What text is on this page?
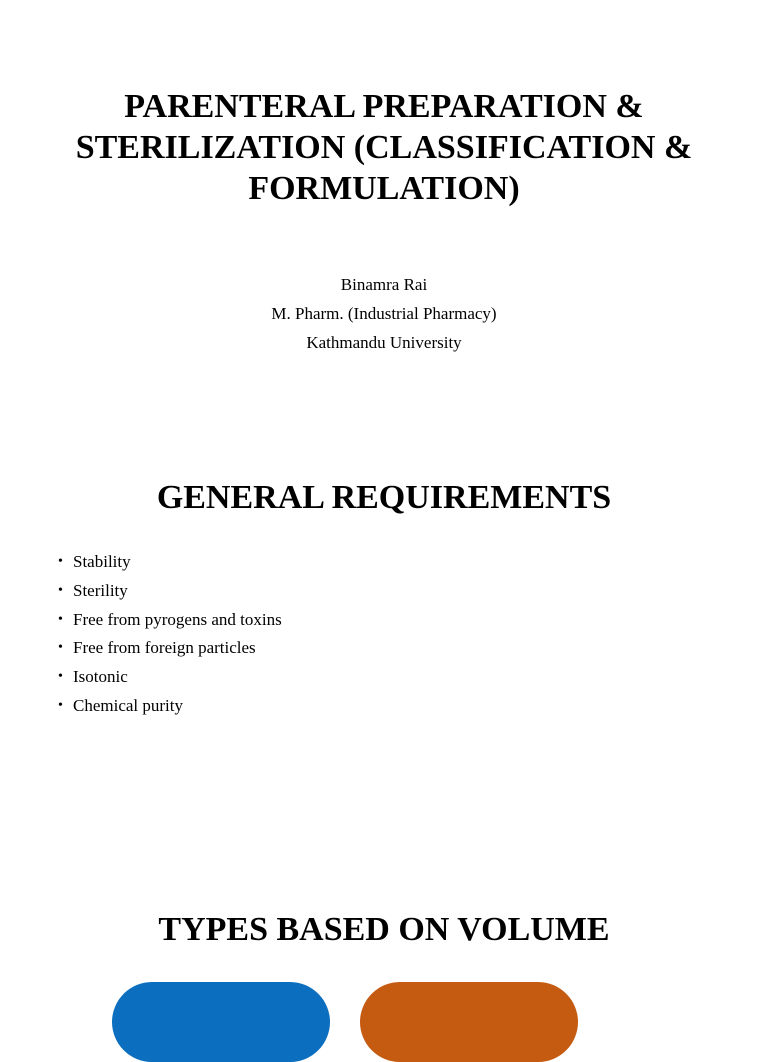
PARENTERAL PREPARATION &
STERILIZATION (CLASSIFICATION &
FORMULATION)
Binamra Rai
M. Pharm. (Industrial Pharmacy)
Kathmandu University
GENERAL REQUIREMENTS
• Stability
• Sterility
• Free from pyrogens and toxins
• Free from foreign particles
• Isotonic
• Chemical purity
TYPES BASED ON VOLUME
